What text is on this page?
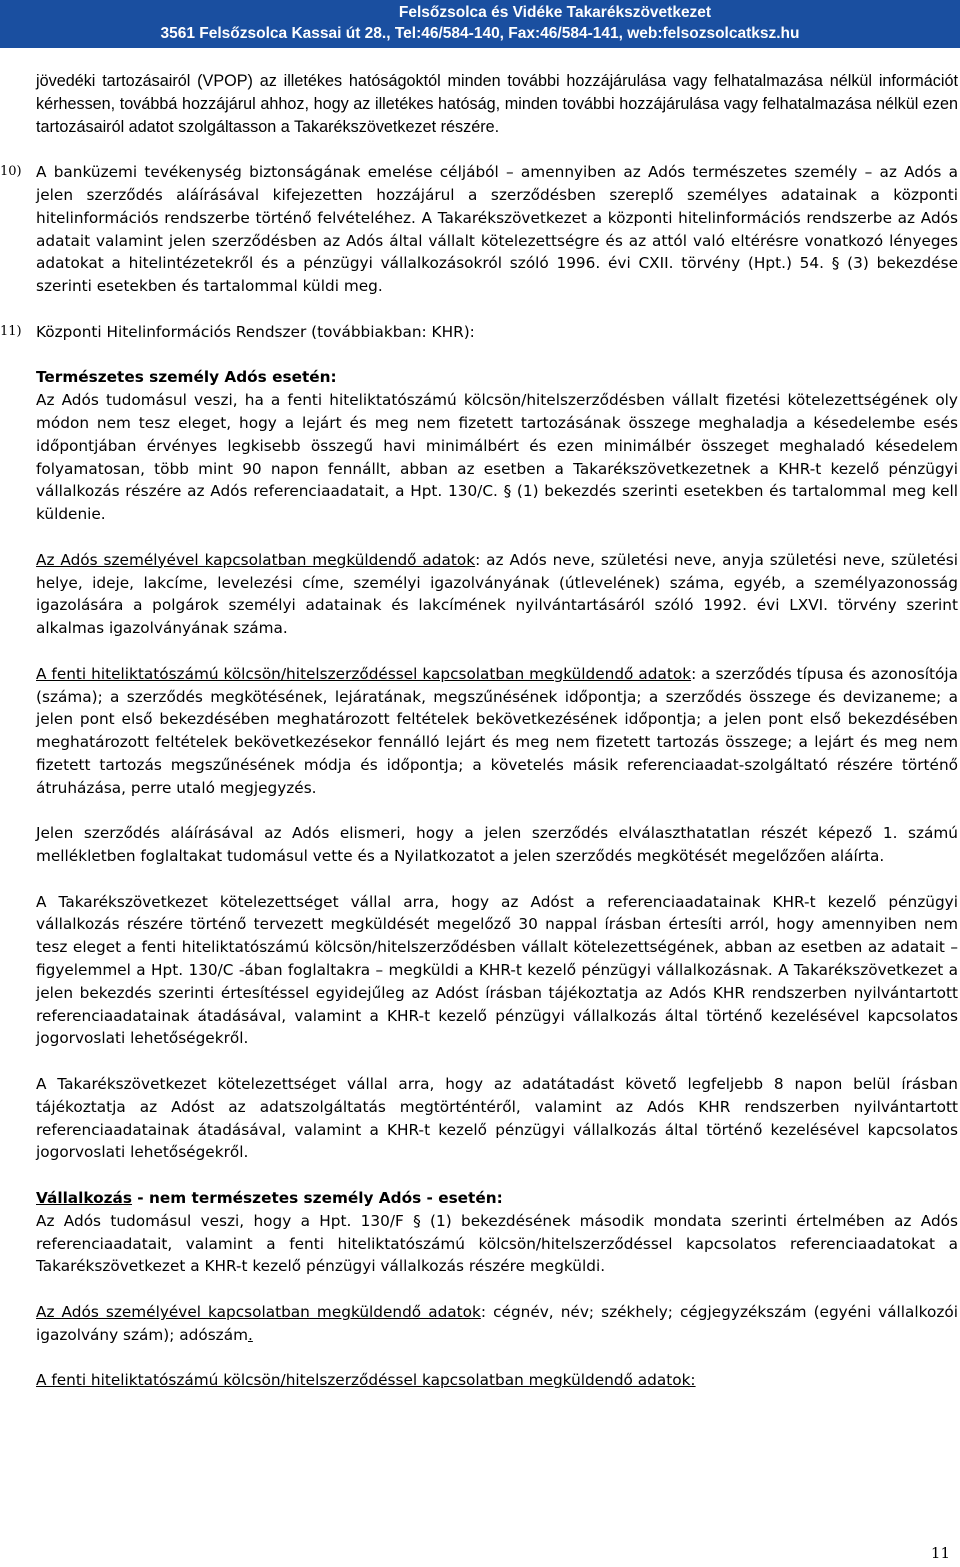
Felsőzsolca és Vidéke Takarékszövetkezet
3561 Felsőzsolca Kassai út 28., Tel:46/584-140, Fax:46/584-141, web:felsozsolcatksz.hu

jövedéki tartozásairól (VPOP) az illetékes hatóságoktól minden további hozzájárulása vagy felhatalmazása nélkül információt kérhessen, továbbá hozzájárul ahhoz, hogy az illetékes hatóság, minden további hozzájárulása vagy felhatalmazása nélkül ezen tartozásairól adatot szolgáltasson a Takarékszövetkezet részére.

10) A banküzemi tevékenység biztonságának emelése céljából – amennyiben az Adós természetes személy – az Adós a jelen szerződés aláírásával kifejezetten hozzájárul a szerződésben szereplő személyes adatainak a központi hitelinformációs rendszerbe történő felvételéhez. A Takarékszövetkezet a központi hitelinformációs rendszerbe az Adós adatait valamint jelen szerződésben az Adós által vállalt kötelezettségre és az attól való eltérésre vonatkozó lényeges adatokat a hitelintézetekről és a pénzügyi vállalkozásokról szóló 1996. évi CXII. törvény (Hpt.) 54. § (3) bekezdése szerinti esetekben és tartalommal küldi meg.

11) Központi Hitelinformációs Rendszer (továbbiakban: KHR):

Természetes személy Adós esetén:

Az Adós tudomásul veszi, ha a fenti hiteliktatószámú kölcsön/hitelszerződésben vállalt fizetési kötelezettségének oly módon nem tesz eleget, hogy a lejárt és meg nem fizetett tartozásának összege meghaladja a késedelembe esés időpontjában érvényes legkisebb összegű havi minimálbért és ezen minimálbér összeget meghaladó késedelem folyamatosan, több mint 90 napon fennállt, abban az esetben a Takarékszövetkezetnek a KHR-t kezelő pénzügyi vállalkozás részére az Adós referenciaadatait, a Hpt. 130/C. § (1) bekezdés szerinti esetekben és tartalommal meg kell küldenie.

Az Adós személyével kapcsolatban megküldendő adatok: az Adós neve, születési neve, anyja születési neve, születési helye, ideje, lakcíme, levelezési címe, személyi igazolványának (útlevelének) száma, egyéb, a személyazonosság igazolására a polgárok személyi adatainak és lakcímének nyilvántartásáról szóló 1992. évi LXVI. törvény szerint alkalmas igazolványának száma.

A fenti hiteliktatószámú kölcsön/hitelszerződéssel kapcsolatban megküldendő adatok: a szerződés típusa és azonosítója (száma); a szerződés megkötésének, lejáratának, megszűnésének időpontja; a szerződés összege és devizaneme; a jelen pont első bekezdésében meghatározott feltételek bekövetkezésének időpontja; a jelen pont első bekezdésében meghatározott feltételek bekövetkezésekor fennálló lejárt és meg nem fizetett tartozás összege; a lejárt és meg nem fizetett tartozás megszűnésének módja és időpontja; a követelés másik referenciaadat-szolgáltató részére történő átruházása, perre utaló megjegyzés.

Jelen szerződés aláírásával az Adós elismeri, hogy a jelen szerződés elválaszthatatlan részét képező 1. számú mellékletben foglaltakat tudomásul vette és a Nyilatkozatot a jelen szerződés megkötését megelőzően aláírta.

A Takarékszövetkezet kötelezettséget vállal arra, hogy az Adóst a referenciaadatainak KHR-t kezelő pénzügyi vállalkozás részére történő tervezett megküldését megelőző 30 nappal írásban értesíti arról, hogy amennyiben nem tesz eleget a fenti hiteliktatószámú kölcsön/hitelszerződésben vállalt kötelezettségének, abban az esetben az adatait – figyelemmel a Hpt. 130/C -ában foglaltakra – megküldi a KHR-t kezelő pénzügyi vállalkozásnak. A Takarékszövetkezet a jelen bekezdés szerinti értesítéssel egyidejűleg az Adóst írásban tájékoztatja az Adós KHR rendszerben nyilvántartott referenciaadatainak átadásával, valamint a KHR-t kezelő pénzügyi vállalkozás által történő kezelésével kapcsolatos jogorvoslati lehetőségekről.

A Takarékszövetkezet kötelezettséget vállal arra, hogy az adatátadást követő legfeljebb 8 napon belül írásban tájékoztatja az Adóst az adatszolgáltatás megtörténtéről, valamint az Adós KHR rendszerben nyilvántartott referenciaadatainak átadásával, valamint a KHR-t kezelő pénzügyi vállalkozás által történő kezelésével kapcsolatos jogorvoslati lehetőségekről.

Vállalkozás - nem természetes személy Adós - esetén:

Az Adós tudomásul veszi, hogy a Hpt. 130/F § (1) bekezdésének második mondata szerinti értelmében az Adós referenciaadatait, valamint a fenti hiteliktatószámú kölcsön/hitelszerződéssel kapcsolatos referenciaadatokat a Takarékszövetkezet a KHR-t kezelő pénzügyi vállalkozás részére megküldi.

Az Adós személyével kapcsolatban megküldendő adatok: cégnév, név; székhely; cégjegyzékszám (egyéni vállalkozói igazolvány szám); adószám.

A fenti hiteliktatószámú kölcsön/hitelszerződéssel kapcsolatban megküldendő adatok:

11
